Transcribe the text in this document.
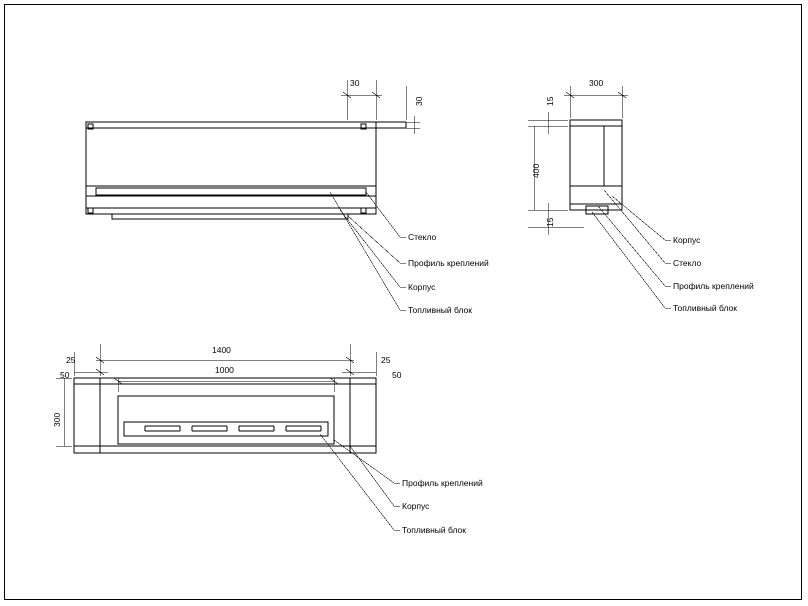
30
30
Стекло
Профиль креплений
Корпус
Топливный блок
15
300
400
15
Корпус
Стекло
Профиль креплений
Топливный блок
1400
1000
25
50
25
50
300
Профиль креплений
Корпус
Топливный блок
